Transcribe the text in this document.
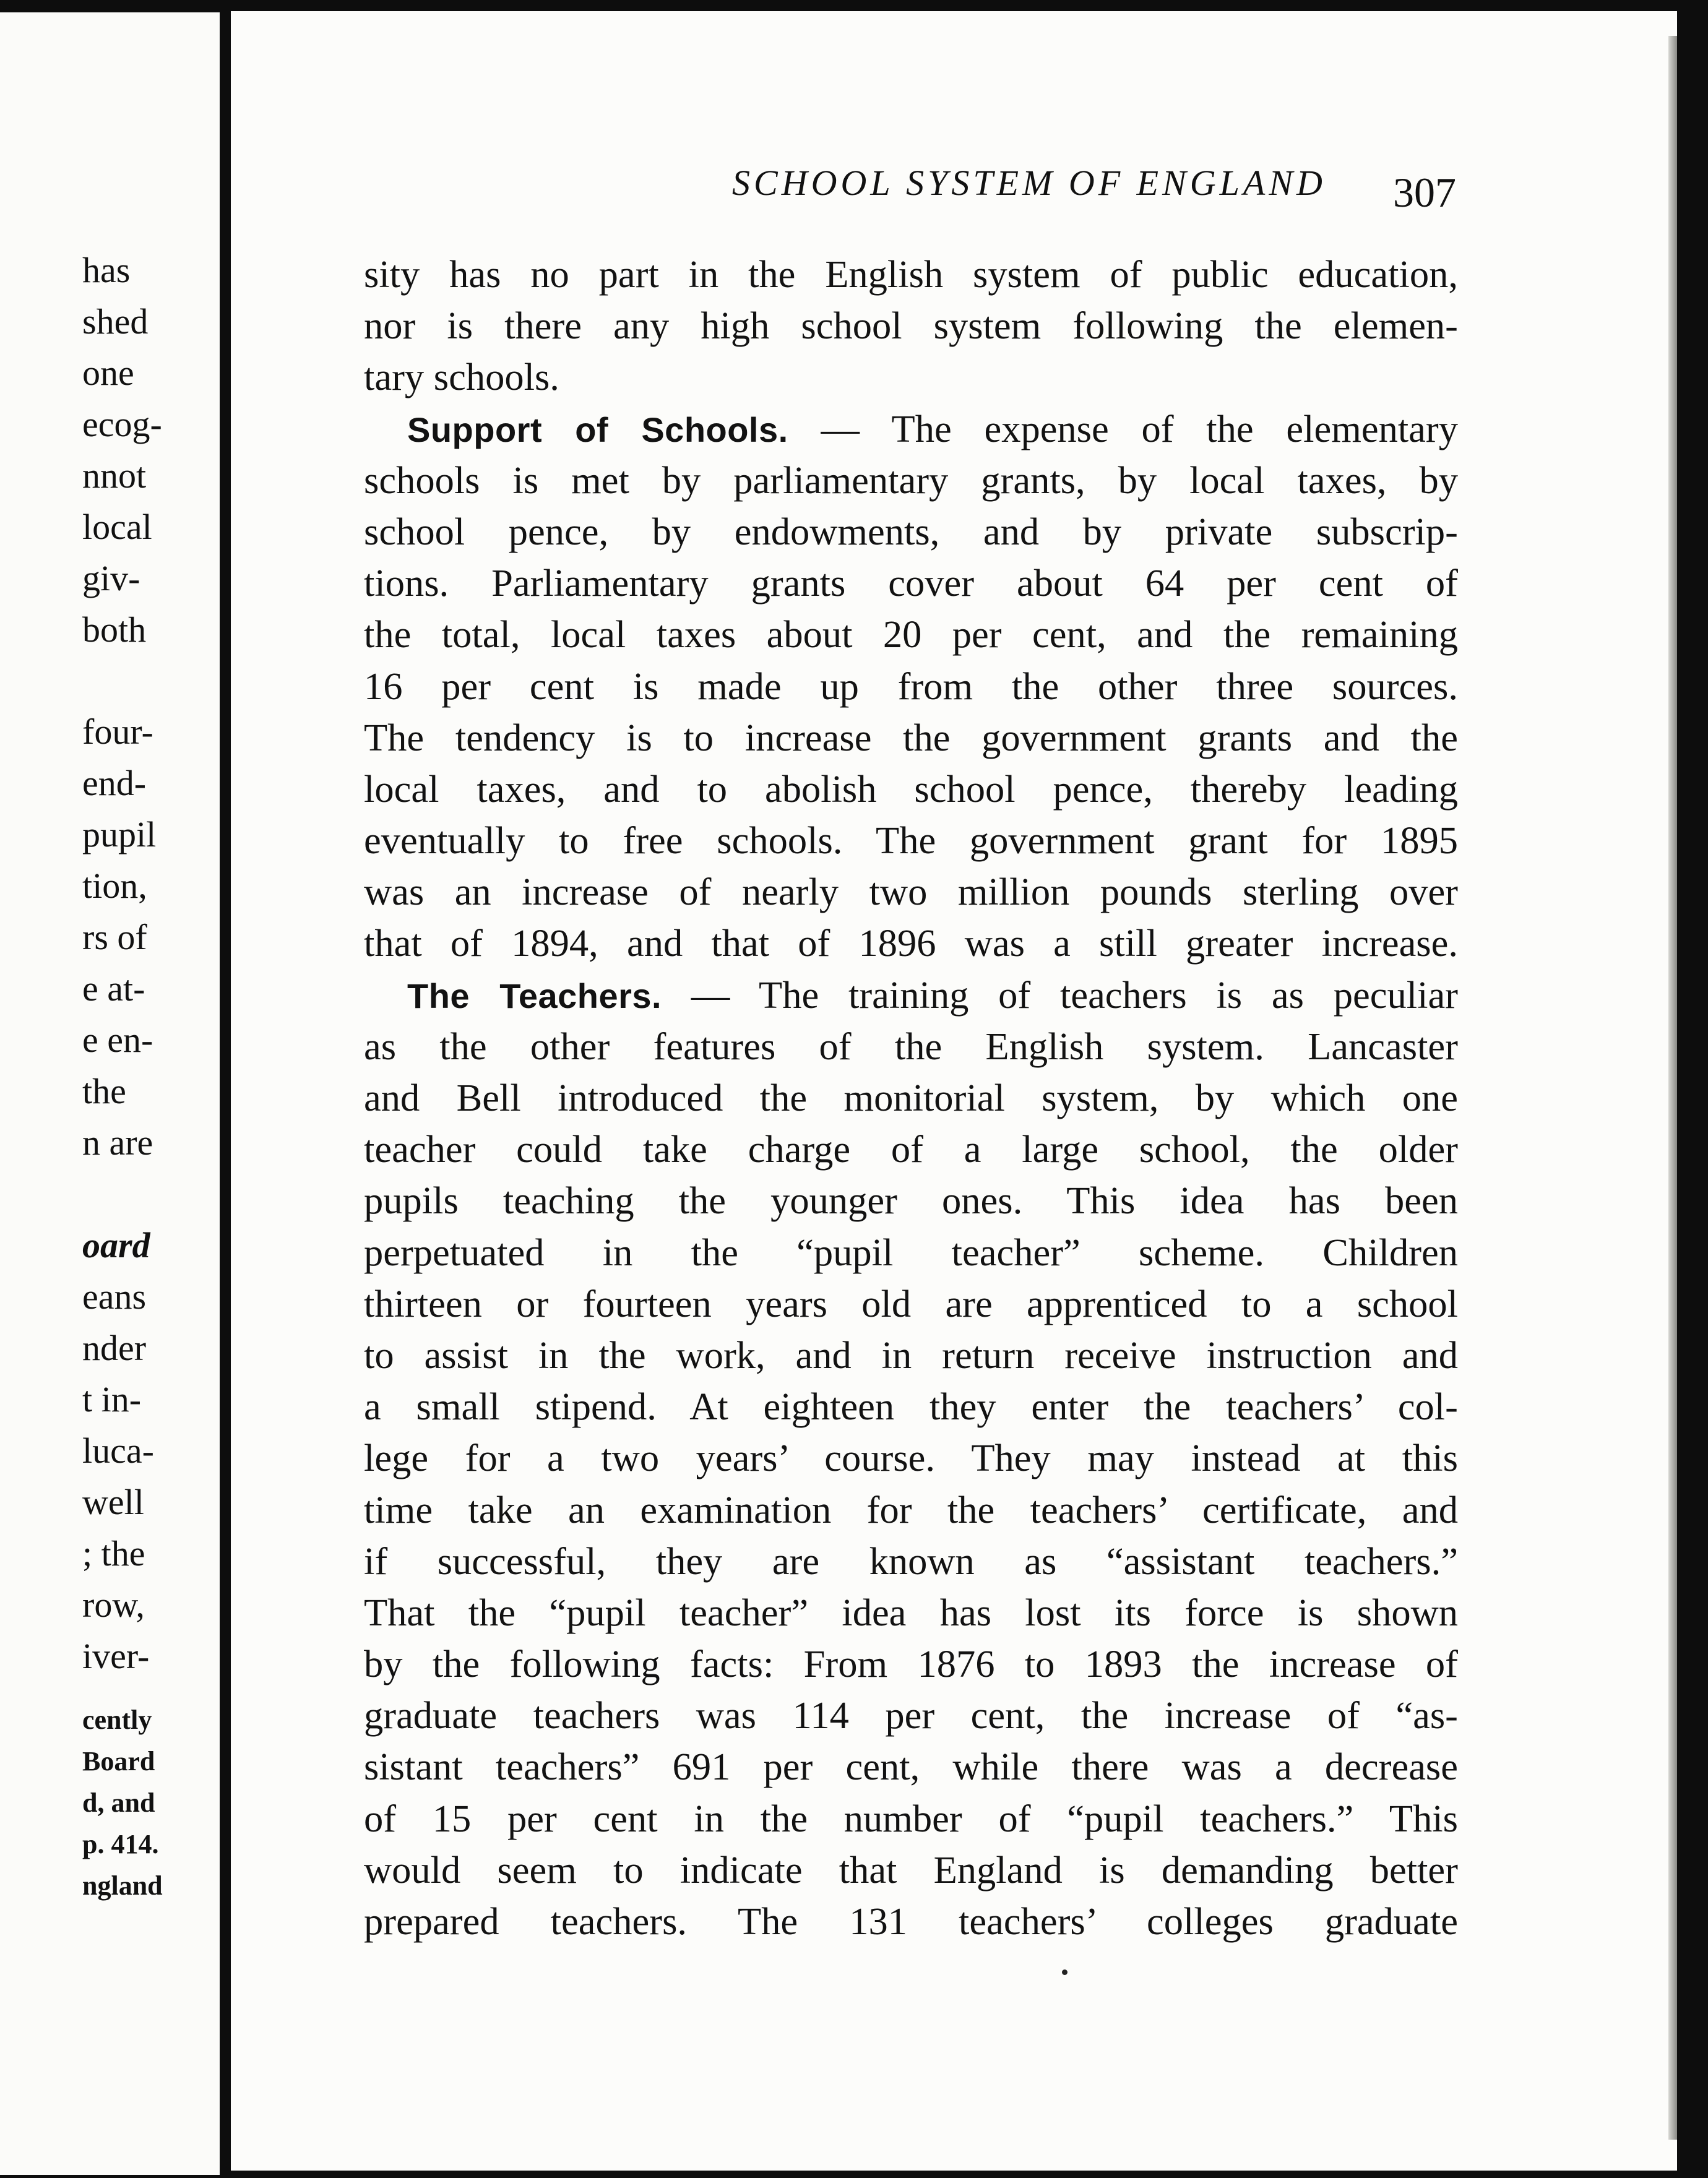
has
shed
one
ecog-
nnot
local
giv-
both
four-
end-
pupil
tion,
rs of
e at-
e en-
the
n are
oard
eans
nder
t in-
luca-
well
; the
row,
iver-
cently
Board
d, and
p. 414.
ngland
SCHOOL SYSTEM OF ENGLAND	307
sity has no part in the English system of public education,
nor is there any high school system following the elemen-
tary schools.
Support of Schools. — The expense of the elementary
schools is met by parliamentary grants, by local taxes, by
school pence, by endowments, and by private subscrip-
tions. Parliamentary grants cover about 64 per cent of
the total, local taxes about 20 per cent, and the remaining
16 per cent is made up from the other three sources.
The tendency is to increase the government grants and the
local taxes, and to abolish school pence, thereby leading
eventually to free schools. The government grant for 1895
was an increase of nearly two million pounds sterling over
that of 1894, and that of 1896 was a still greater increase.
The Teachers. — The training of teachers is as peculiar
as the other features of the English system. Lancaster
and Bell introduced the monitorial system, by which one
teacher could take charge of a large school, the older
pupils teaching the younger ones. This idea has been
perpetuated in the “pupil teacher” scheme. Children
thirteen or fourteen years old are apprenticed to a school
to assist in the work, and in return receive instruction and
a small stipend. At eighteen they enter the teachers’ col-
lege for a two years’ course. They may instead at this
time take an examination for the teachers’ certificate, and
if successful, they are known as “assistant teachers.”
That the “pupil teacher” idea has lost its force is shown
by the following facts: From 1876 to 1893 the increase of
graduate teachers was 114 per cent, the increase of “as-
sistant teachers” 691 per cent, while there was a decrease
of 15 per cent in the number of “pupil teachers.” This
would seem to indicate that England is demanding better
prepared teachers. The 131 teachers’ colleges graduate
